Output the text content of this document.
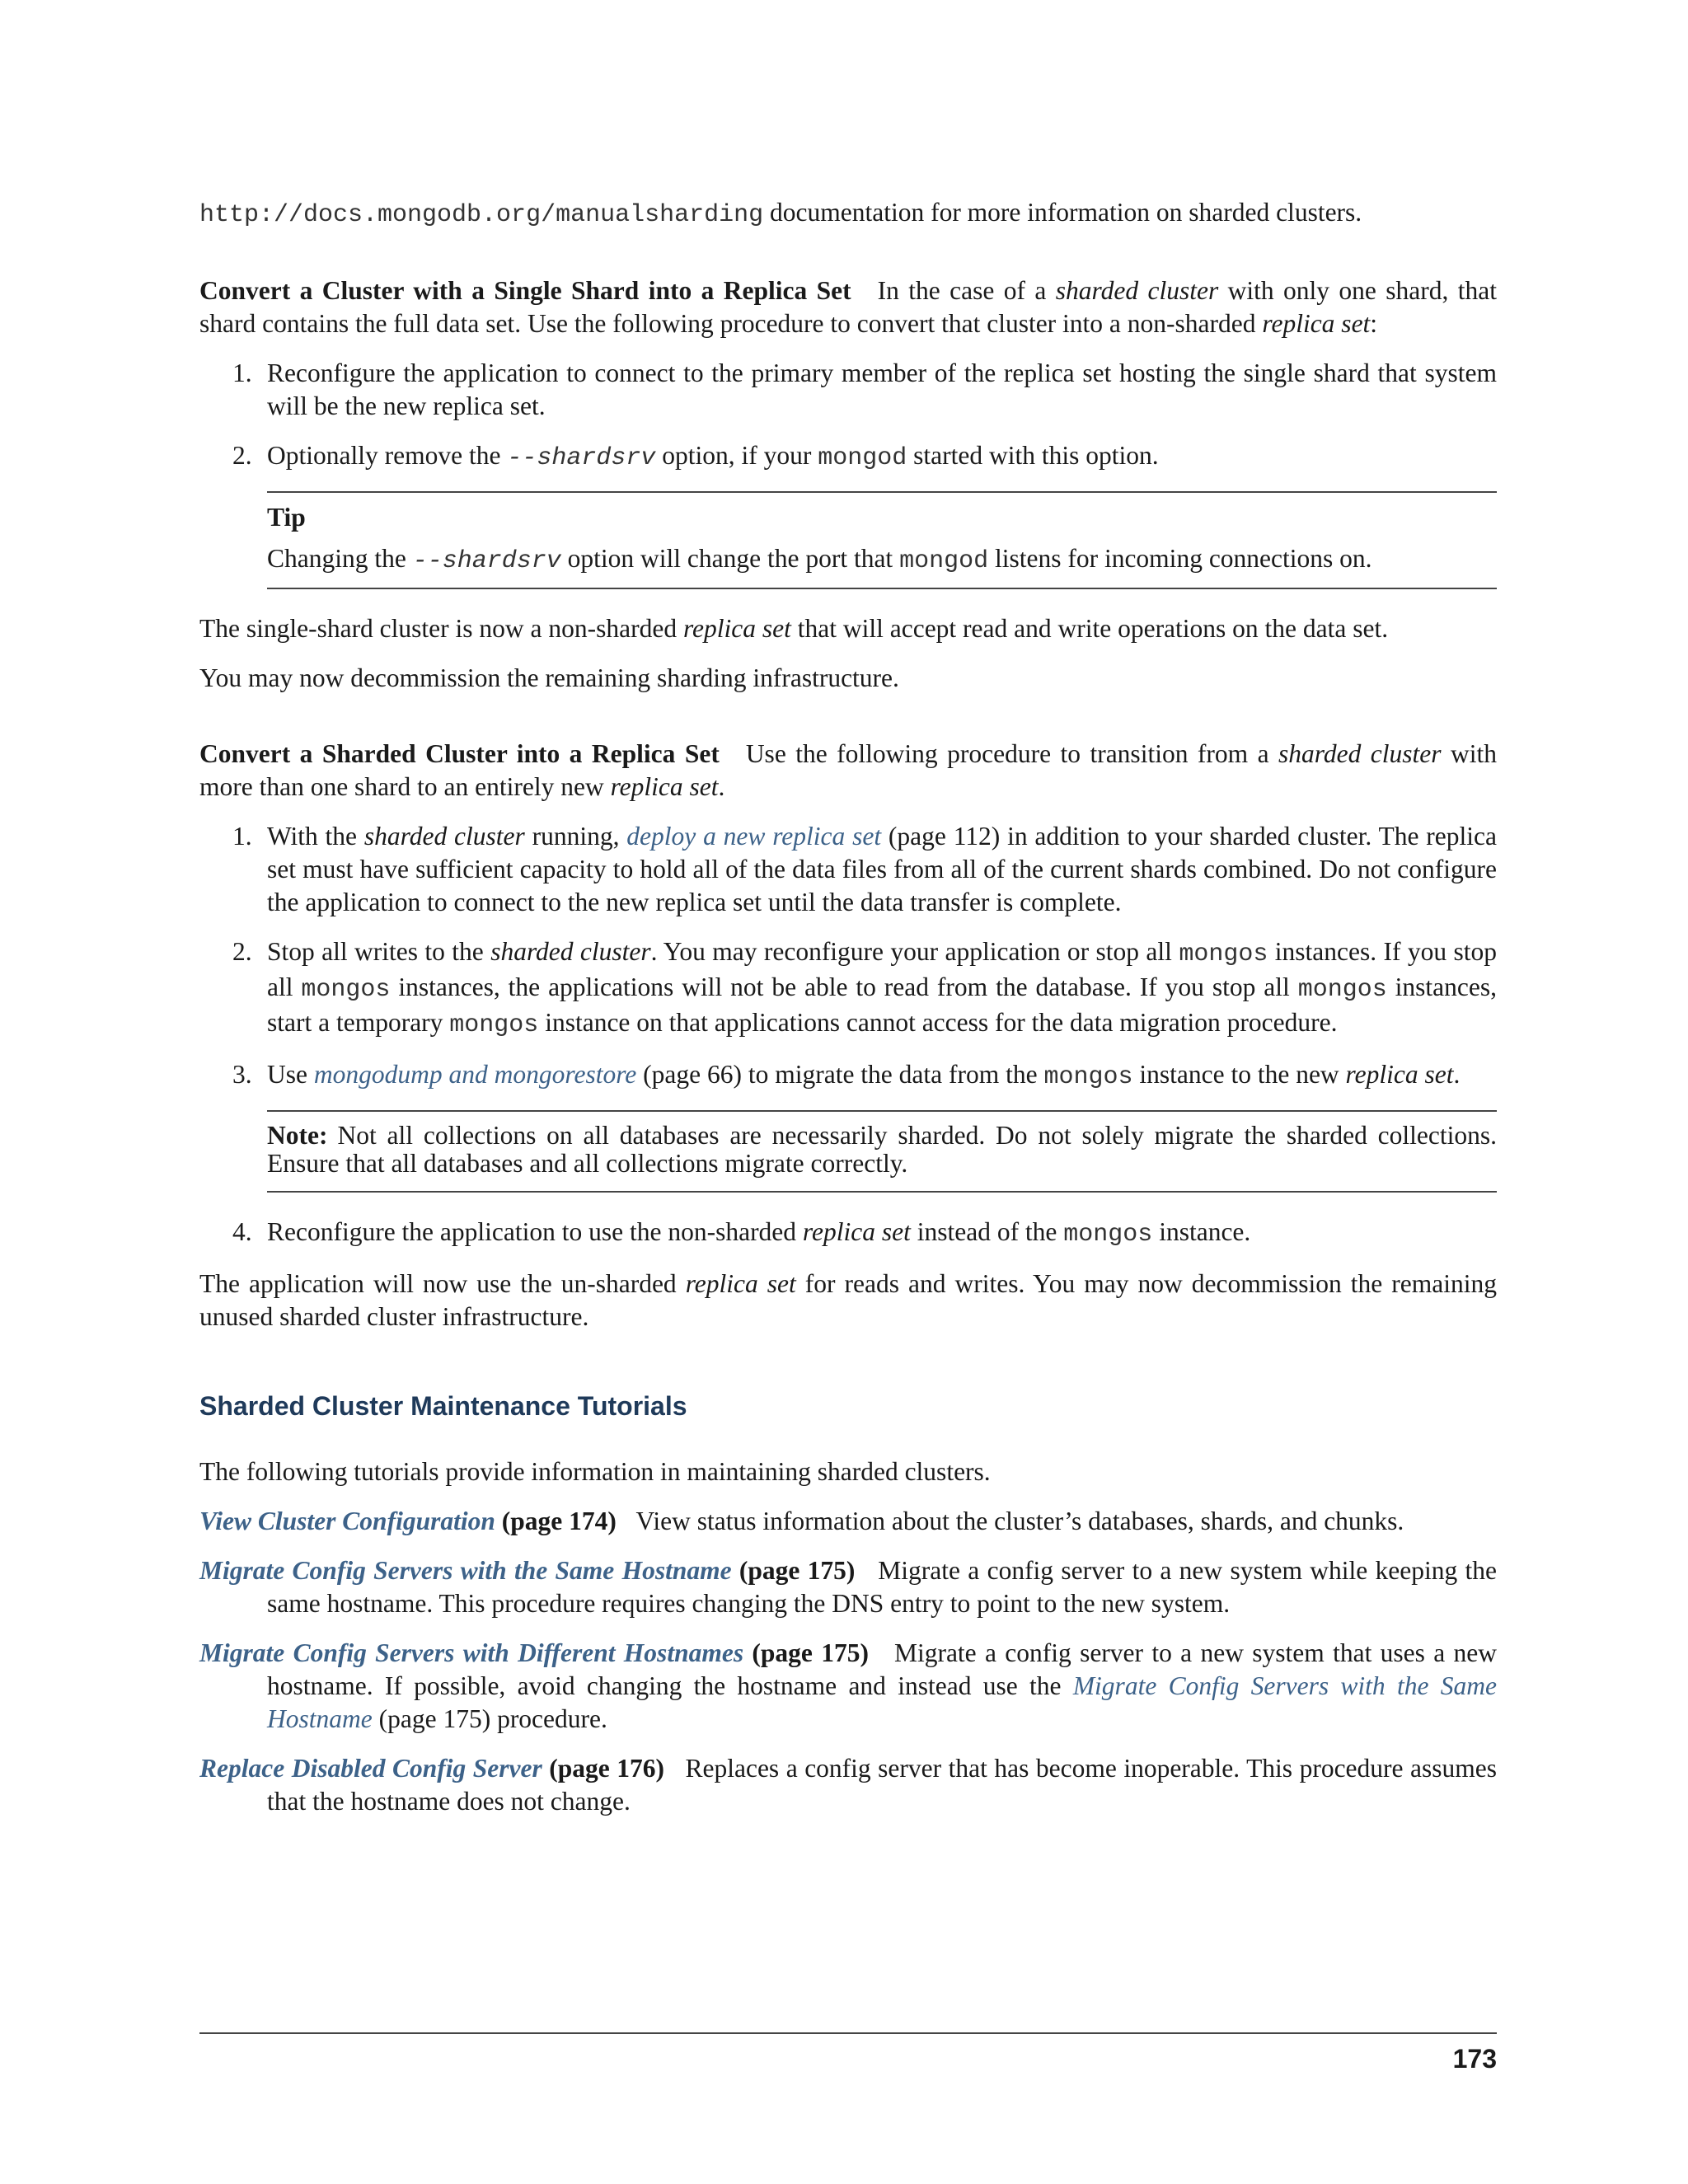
http://docs.mongodb.org/manualsharding documentation for more information on sharded clusters.

Convert a Cluster with a Single Shard into a Replica Set In the case of a sharded cluster with only one shard, that shard contains the full data set. Use the following procedure to convert that cluster into a non-sharded replica set:

1. Reconfigure the application to connect to the primary member of the replica set hosting the single shard that system will be the new replica set.
2. Optionally remove the --shardsrv option, if your mongod started with this option.

Tip

Changing the --shardsrv option will change the port that mongod listens for incoming connections on.

The single-shard cluster is now a non-sharded replica set that will accept read and write operations on the data set.

You may now decommission the remaining sharding infrastructure.

Convert a Sharded Cluster into a Replica Set Use the following procedure to transition from a sharded cluster with more than one shard to an entirely new replica set.

1. With the sharded cluster running, deploy a new replica set (page 112) in addition to your sharded cluster. The replica set must have sufficient capacity to hold all of the data files from all of the current shards combined. Do not configure the application to connect to the new replica set until the data transfer is complete.
2. Stop all writes to the sharded cluster. You may reconfigure your application or stop all mongos instances. If you stop all mongos instances, the applications will not be able to read from the database. If you stop all mongos instances, start a temporary mongos instance on that applications cannot access for the data migration procedure.
3. Use mongodump and mongorestore (page 66) to migrate the data from the mongos instance to the new replica set.
Note: Not all collections on all databases are necessarily sharded. Do not solely migrate the sharded collections. Ensure that all databases and all collections migrate correctly.
4. Reconfigure the application to use the non-sharded replica set instead of the mongos instance.

The application will now use the un-sharded replica set for reads and writes. You may now decommission the remaining unused sharded cluster infrastructure.

Sharded Cluster Maintenance Tutorials

The following tutorials provide information in maintaining sharded clusters.

View Cluster Configuration (page 174) View status information about the cluster’s databases, shards, and chunks.
Migrate Config Servers with the Same Hostname (page 175) Migrate a config server to a new system while keeping the same hostname. This procedure requires changing the DNS entry to point to the new system.
Migrate Config Servers with Different Hostnames (page 175) Migrate a config server to a new system that uses a new hostname. If possible, avoid changing the hostname and instead use the Migrate Config Servers with the Same Hostname (page 175) procedure.
Replace Disabled Config Server (page 176) Replaces a config server that has become inoperable. This procedure assumes that the hostname does not change.
173
